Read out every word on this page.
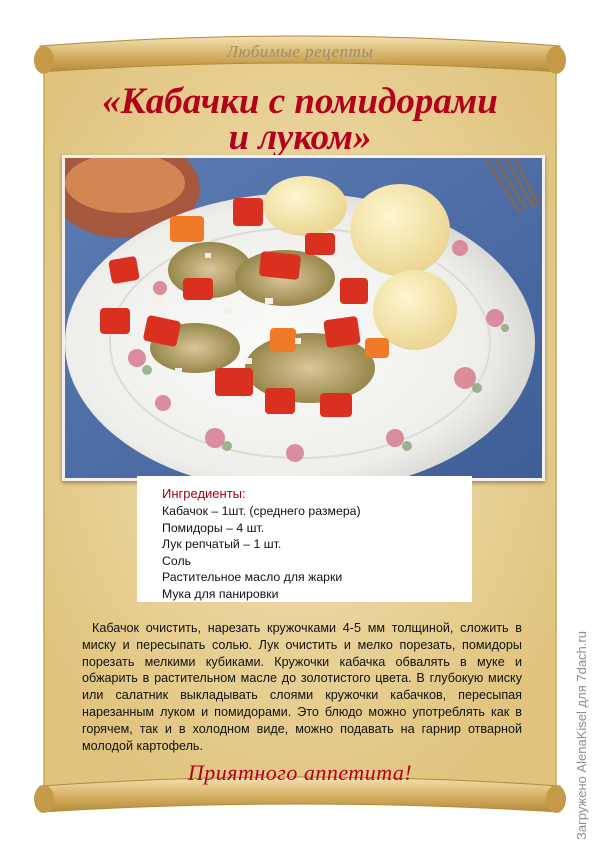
Любимые рецепты
«Кабачки с помидорами
и луком»
Ингредиенты:
Кабачок – 1шт. (среднего размера)
Помидоры – 4 шт.
Лук репчатый – 1 шт.
Соль
Растительное масло для жарки
Мука для панировки

Кабачок очистить, нарезать кружочками 4-5 мм толщиной, сложить в миску и пересыпать солью. Лук очистить и мелко порезать, помидоры порезать мелкими кубиками. Кружочки кабачка обвалять в муке и обжарить в растительном масле до золотистого цвета. В глубокую миску или салатник выкладывать слоями кружочки кабачков, пересыпая нарезанным луком и помидорами. Это блюдо можно употреблять как в горячем, так и в холодном виде, можно подавать на гарнир отварной молодой картофель.

Приятного аппетита!	Загружено AlenaKisel для 7dach.ru
